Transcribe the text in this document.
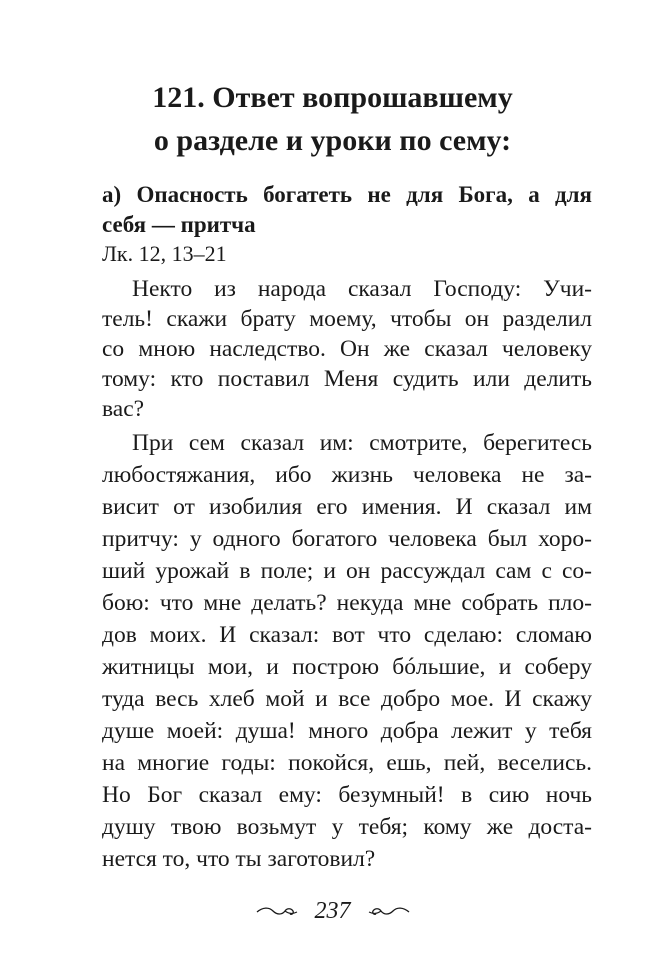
121. Ответ вопрошавшему
о разделе и уроки по сему:

а) Опасность богатеть не для Бога, а для

себя — притча

Лк. 12, 13–21

Некто из народа сказал Господу: Учи-

тель! скажи брату моему, чтобы он разделил

со мною наследство. Он же сказал человеку

тому: кто поставил Меня судить или делить

вас?

При сем сказал им: смотрите, берегитесь

любостяжания, ибо жизнь человека не за-

висит от изобилия его имения. И сказал им

притчу: у одного богатого человека был хоро-

ший урожай в поле; и он рассуждал сам с со-

бою: что мне делать? некуда мне собрать пло-

дов моих. И сказал: вот что сделаю: сломаю

житницы мои, и построю бóльшие, и соберу

туда весь хлеб мой и все добро мое. И скажу

душе моей: душа! много добра лежит у тебя

на многие годы: покойся, ешь, пей, веселись.

Но Бог сказал ему: безумный! в сию ночь

душу твою возьмут у тебя; кому же доста-

нется то, что ты заготовил?

237
